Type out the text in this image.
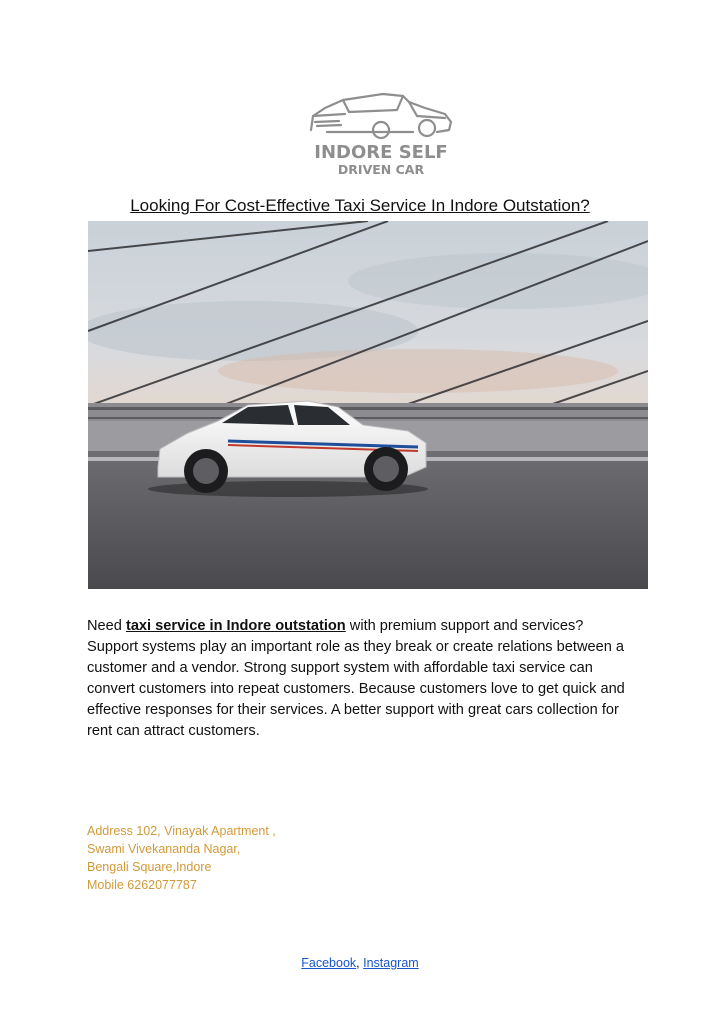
INDORE SELF
DRIVEN CAR
Looking For Cost-Effective Taxi Service In Indore Outstation?
Need taxi service in Indore outstation with premium support and services? Support systems play an important role as they break or create relations between a customer and a vendor. Strong support system with affordable taxi service can convert customers into repeat customers. Because customers love to get quick and effective responses for their services. A better support with great cars collection for rent can attract customers.
Address 102, Vinayak Apartment ,
Swami Vivekananda Nagar,
Bengali Square,Indore
Mobile 6262077787
Facebook, Instagram
